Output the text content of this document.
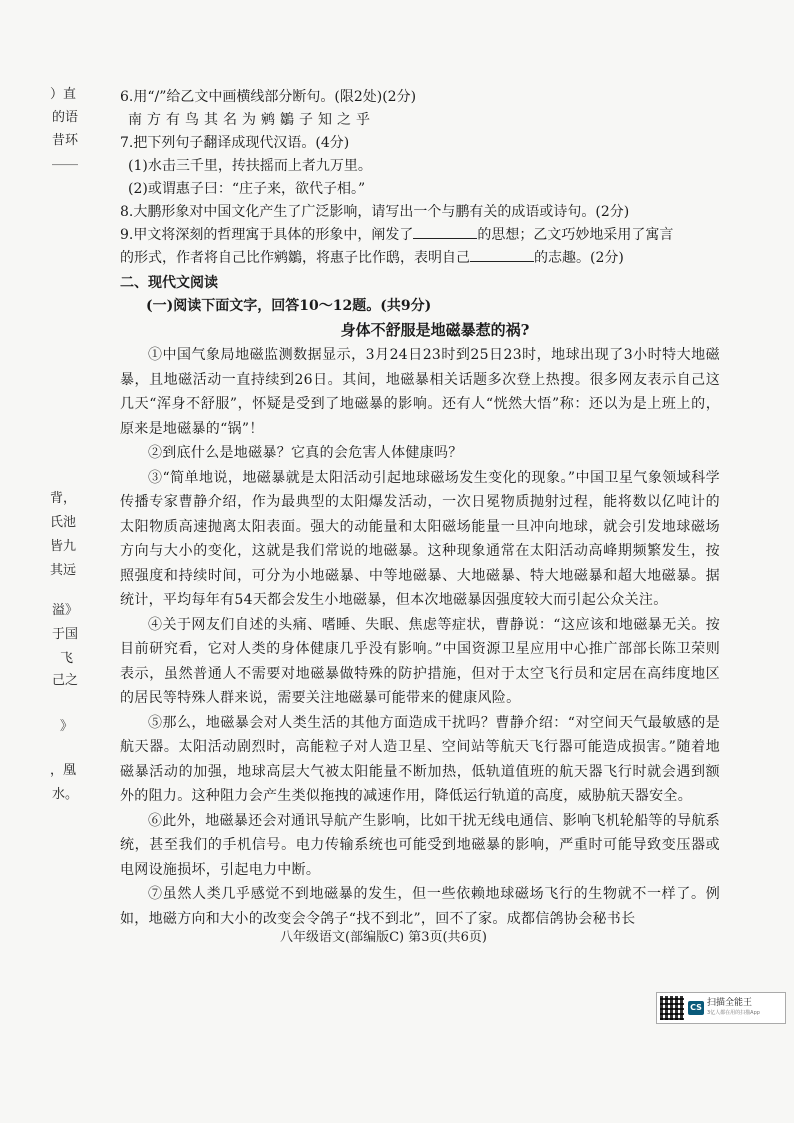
）直
的语
昔环
____
背，
氏池
皆九
其远
溢》
于国
飞
己之
》
，凰
水。
6.用“/”给乙文中画横线部分断句。(限2处)(2分)
南方有鸟其名为鹓鶵子知之乎
7.把下列句子翻译成现代汉语。(4分)
(1)水击三千里，抟扶摇而上者九万里。
(2)或谓惠子曰：“庄子来，欲代子相。”
8.大鹏形象对中国文化产生了广泛影响，请写出一个与鹏有关的成语或诗句。(2分)
9.甲文将深刻的哲理寓于具体的形象中，阐发了	的思想；乙文巧妙地采用了寓言
的形式，作者将自己比作鹓鶵，将惠子比作鸱，表明自己	的志趣。(2分)
二、现代文阅读
(一)阅读下面文字，回答10～12题。(共9分)
身体不舒服是地磁暴惹的祸?
①中国气象局地磁监测数据显示，3月24日23时到25日23时，地球出现了3小时特大地磁暴，且地磁活动一直持续到26日。其间，地磁暴相关话题多次登上热搜。很多网友表示自己这几天“浑身不舒服”，怀疑是受到了地磁暴的影响。还有人“恍然大悟”称：还以为是上班上的，原来是地磁暴的“锅”！
②到底什么是地磁暴？它真的会危害人体健康吗？
③“简单地说，地磁暴就是太阳活动引起地球磁场发生变化的现象。”中国卫星气象领域科学传播专家曹静介绍，作为最典型的太阳爆发活动，一次日冕物质抛射过程，能将数以亿吨计的太阳物质高速抛离太阳表面。强大的动能量和太阳磁场能量一旦冲向地球，就会引发地球磁场方向与大小的变化，这就是我们常说的地磁暴。这种现象通常在太阳活动高峰期频繁发生，按照强度和持续时间，可分为小地磁暴、中等地磁暴、大地磁暴、特大地磁暴和超大地磁暴。据统计，平均每年有54天都会发生小地磁暴，但本次地磁暴因强度较大而引起公众关注。
④关于网友们自述的头痛、嗜睡、失眠、焦虑等症状，曹静说：“这应该和地磁暴无关。按目前研究看，它对人类的身体健康几乎没有影响。”中国资源卫星应用中心推广部部长陈卫荣则表示，虽然普通人不需要对地磁暴做特殊的防护措施，但对于太空飞行员和定居在高纬度地区的居民等特殊人群来说，需要关注地磁暴可能带来的健康风险。
⑤那么，地磁暴会对人类生活的其他方面造成干扰吗？曹静介绍：“对空间天气最敏感的是航天器。太阳活动剧烈时，高能粒子对人造卫星、空间站等航天飞行器可能造成损害。”随着地磁暴活动的加强，地球高层大气被太阳能量不断加热，低轨道值班的航天器飞行时就会遇到额外的阻力。这种阻力会产生类似拖拽的减速作用，降低运行轨道的高度，威胁航天器安全。
⑥此外，地磁暴还会对通讯导航产生影响，比如干扰无线电通信、影响飞机轮船等的导航系统，甚至我们的手机信号。电力传输系统也可能受到地磁暴的影响，严重时可能导致变压器或电网设施损坏，引起电力中断。
⑦虽然人类几乎感觉不到地磁暴的发生，但一些依赖地球磁场飞行的生物就不一样了。例如，地磁方向和大小的改变会令鸽子“找不到北”，回不了家。成都信鸽协会秘书长
八年级语文(部编版C) 第3页(共6页)
CS 扫描全能王
3亿人都在用的扫描App
